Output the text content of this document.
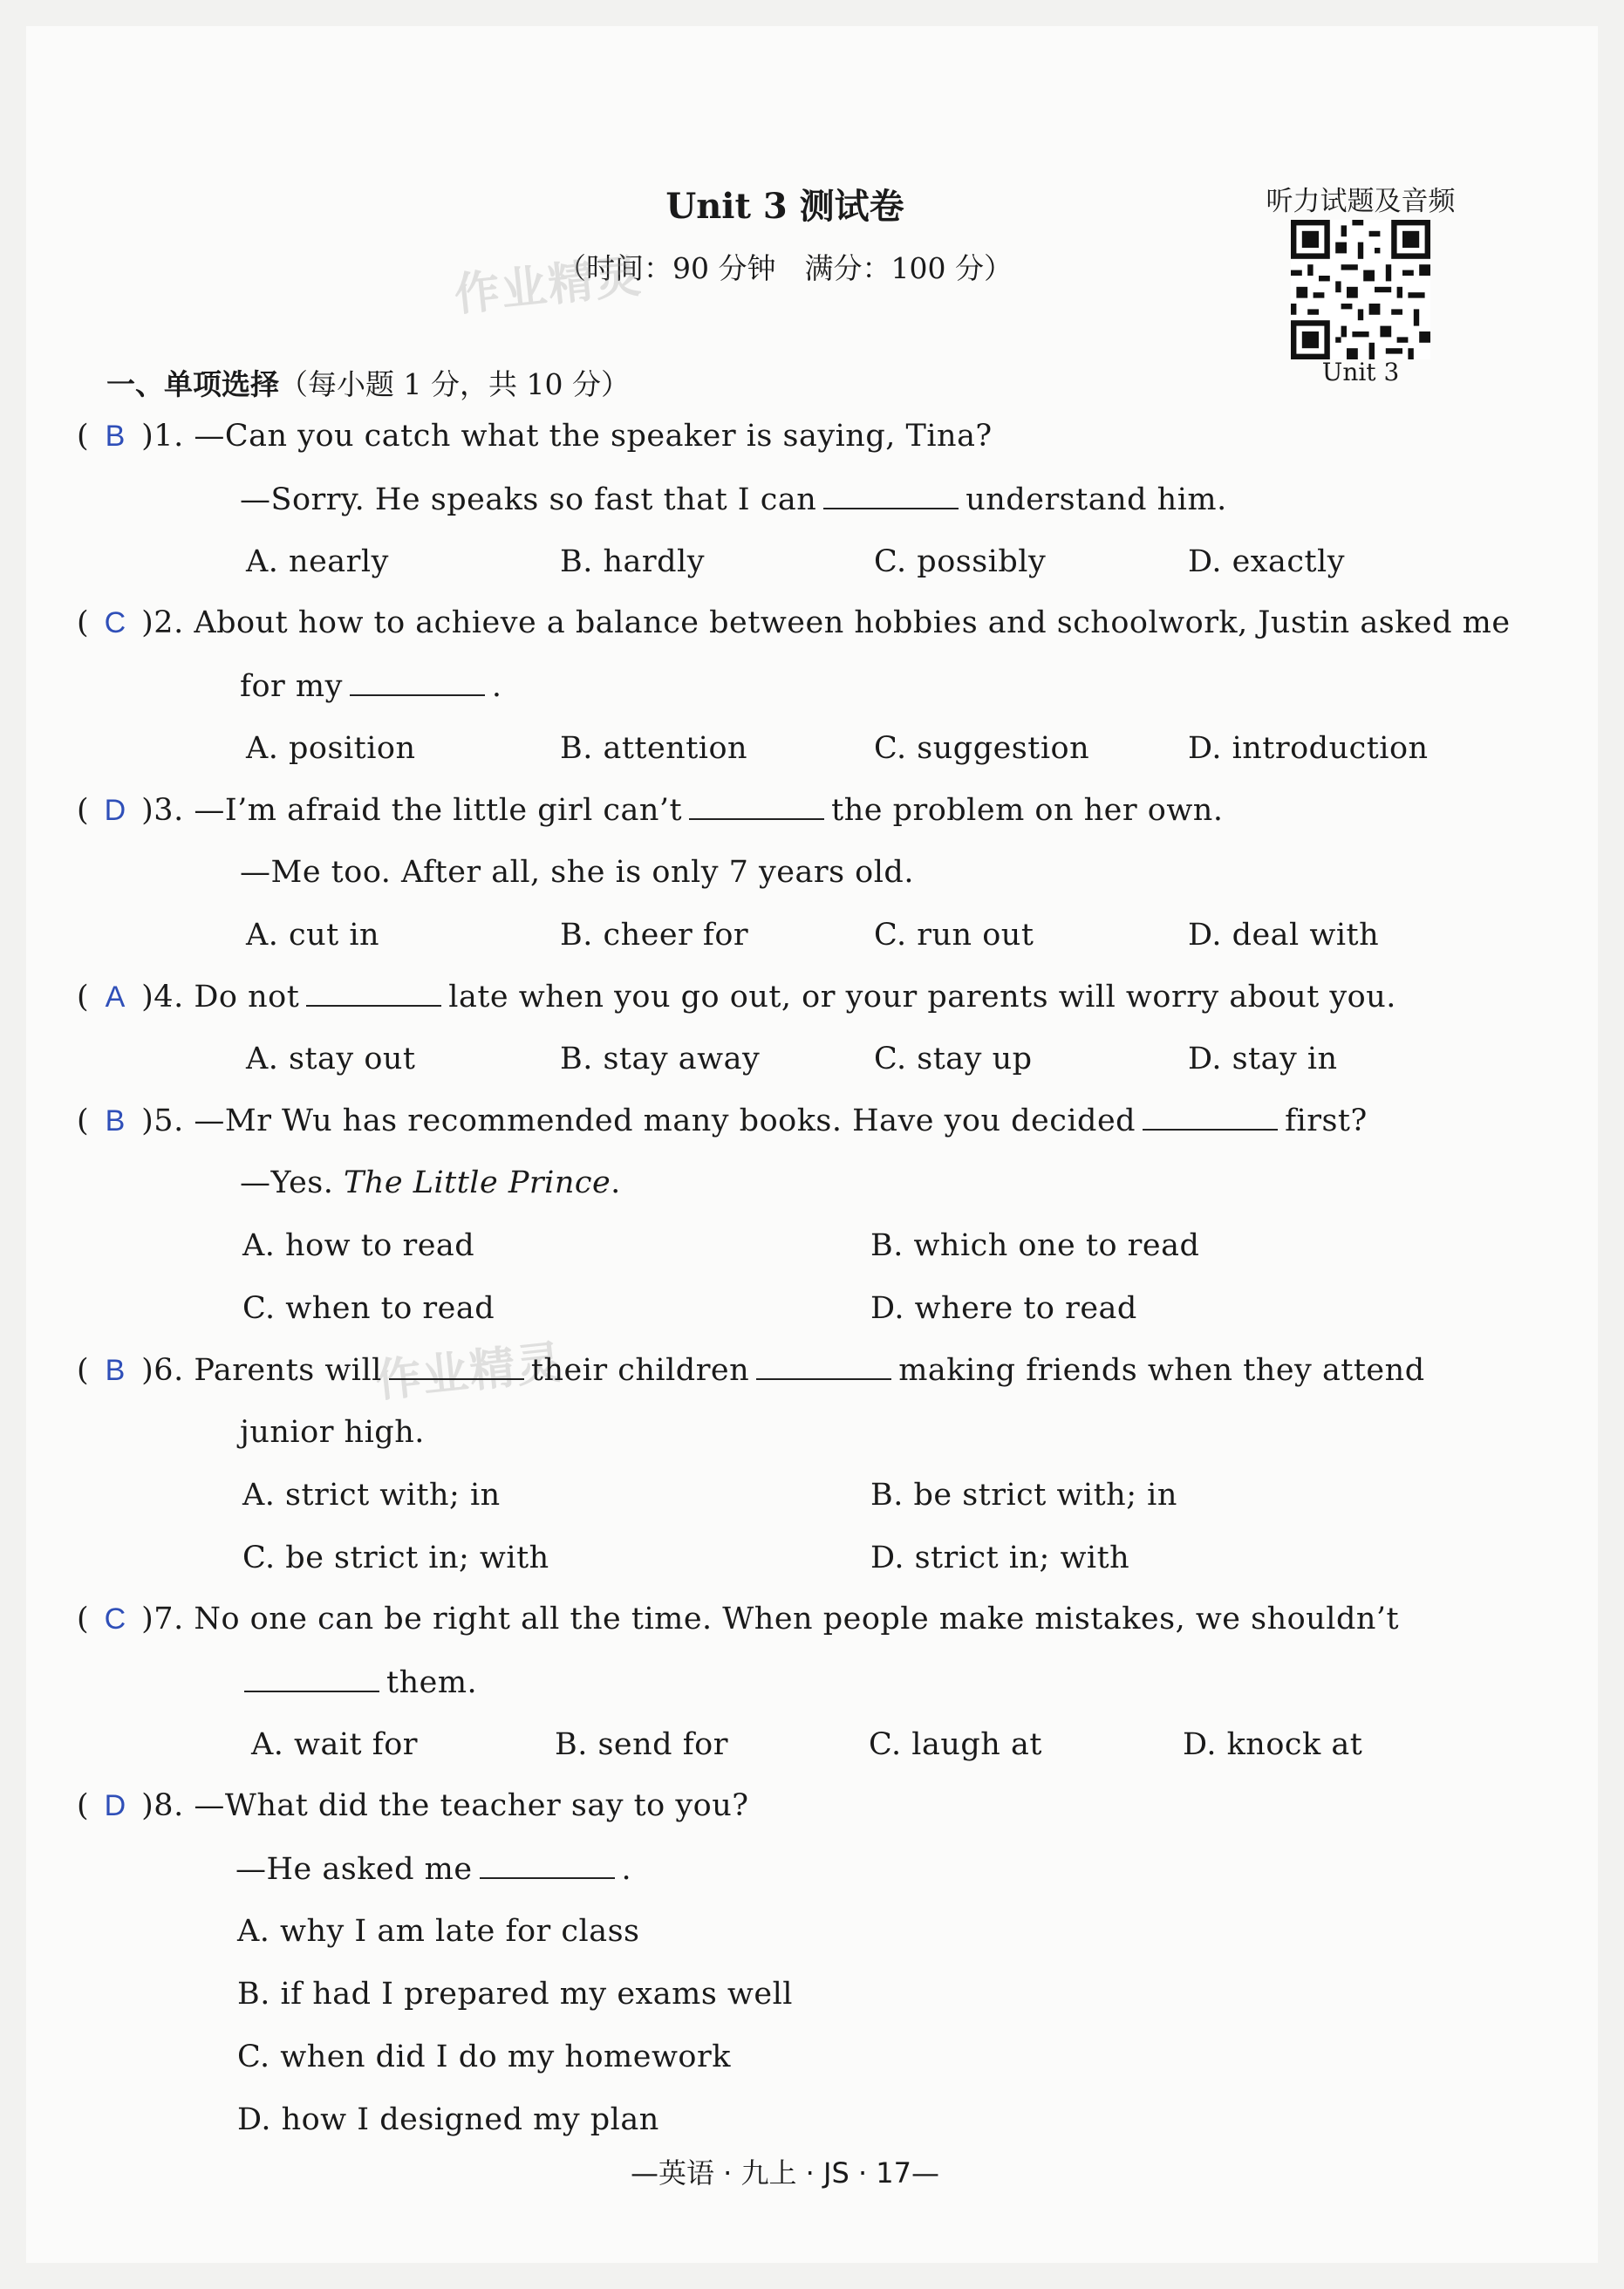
Unit 3 测试卷
（时间：90 分钟　满分：100 分）
听力试题及音频
Unit 3
作业精灵
作业精灵
一、单项选择（每小题 1 分，共 10 分）
( B )1. —Can you catch what the speaker is saying, Tina?
—Sorry. He speaks so fast that I can	understand him.
A. nearly	B. hardly	C. possibly	D. exactly
( C )2. About how to achieve a balance between hobbies and schoolwork, Justin asked me
for my	.
A. position	B. attention	C. suggestion	D. introduction
( D )3. —I’m afraid the little girl can’t	the problem on her own.
—Me too. After all, she is only 7 years old.
A. cut in	B. cheer for	C. run out	D. deal with
( A )4. Do not	late when you go out, or your parents will worry about you.
A. stay out	B. stay away	C. stay up	D. stay in
( B )5. —Mr Wu has recommended many books. Have you decided	first?
—Yes. The Little Prince.
A. how to read	B. which one to read
C. when to read	D. where to read
( B )6. Parents will	their children	making friends when they attend
junior high.
A. strict with; in	B. be strict with; in
C. be strict in; with	D. strict in; with
( C )7. No one can be right all the time. When people make mistakes, we shouldn’t
them.
A. wait for	B. send for	C. laugh at	D. knock at
( D )8. —What did the teacher say to you?
—He asked me	.
A. why I am late for class
B. if had I prepared my exams well
C. when did I do my homework
D. how I designed my plan
—英语 · 九上 · JS · 17—
